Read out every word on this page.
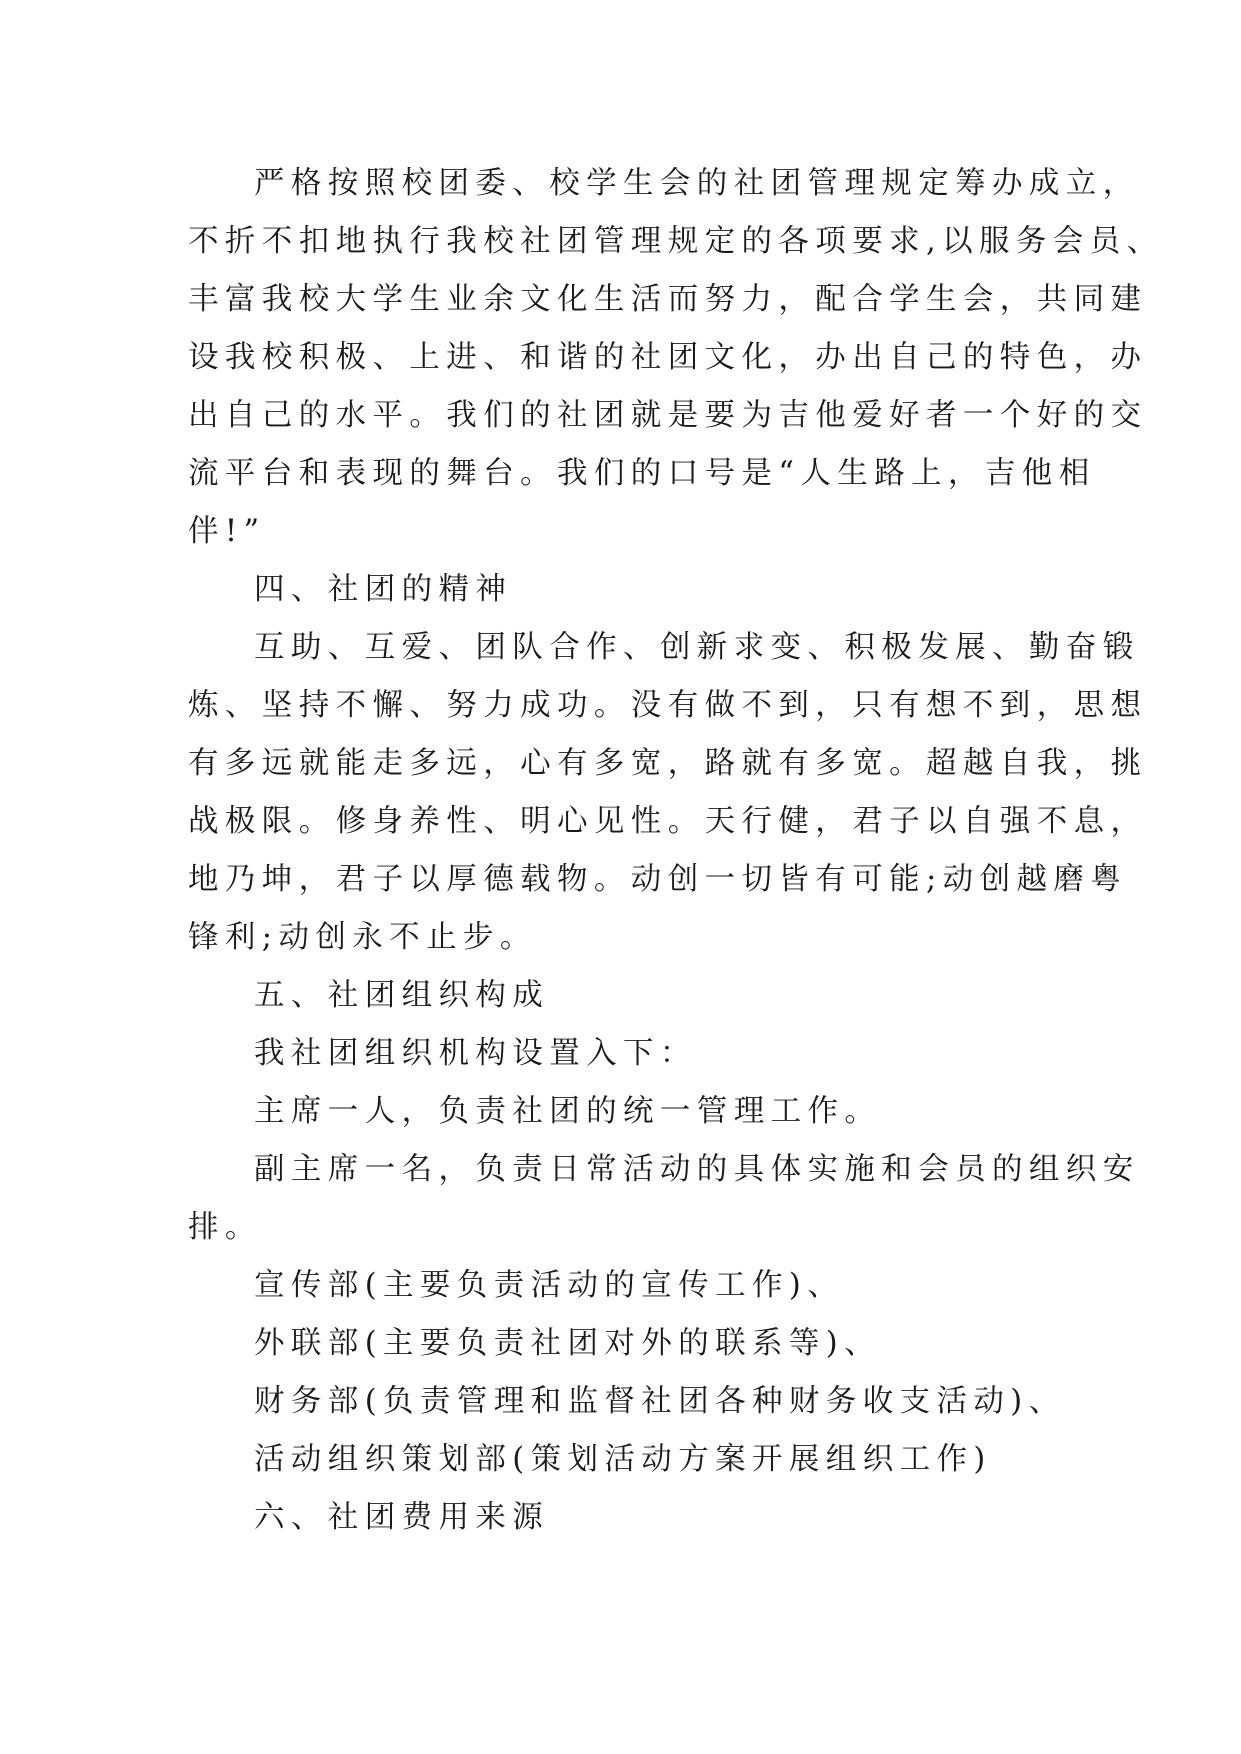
严格按照校团委、校学生会的社团管理规定筹办成立，
不折不扣地执行我校社团管理规定的各项要求,以服务会员、
丰富我校大学生业余文化生活而努力，配合学生会，共同建
设我校积极、上进、和谐的社团文化，办出自己的特色，办
出自己的水平。我们的社团就是要为吉他爱好者一个好的交
流平台和表现的舞台。我们的口号是“人生路上，吉他相
伴!”
四、社团的精神
互助、互爱、团队合作、创新求变、积极发展、勤奋锻
炼、坚持不懈、努力成功。没有做不到，只有想不到，思想
有多远就能走多远，心有多宽，路就有多宽。超越自我，挑
战极限。修身养性、明心见性。天行健，君子以自强不息，
地乃坤，君子以厚德载物。动创一切皆有可能;动创越磨粤
锋利;动创永不止步。
五、社团组织构成
我社团组织机构设置入下：
主席一人，负责社团的统一管理工作。
副主席一名，负责日常活动的具体实施和会员的组织安
排。
宣传部(主要负责活动的宣传工作)、
外联部(主要负责社团对外的联系等)、
财务部(负责管理和监督社团各种财务收支活动)、
活动组织策划部(策划活动方案开展组织工作)
六、社团费用来源
